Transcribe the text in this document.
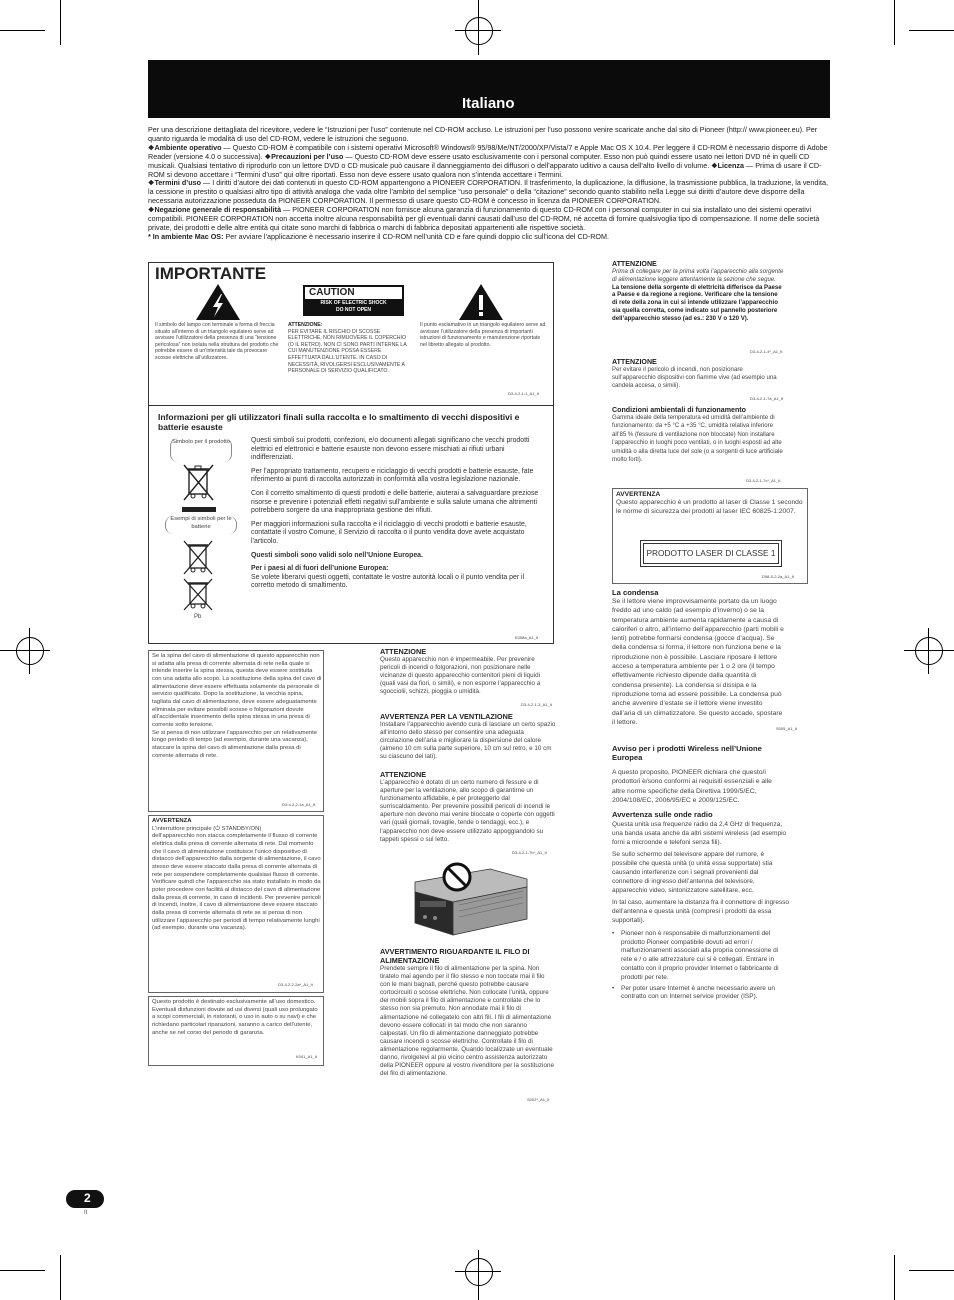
Italiano

Per una descrizione dettagliata del ricevitore, vedere le “Istruzioni per l’uso” contenute nel CD-ROM accluso. Le istruzioni per l’uso possono venire scaricate anche dal sito di Pioneer (http:// www.pioneer.eu). Per quanto riguarda le modalità di uso del CD-ROM, vedere le istruzioni che seguono.

❖Ambiente operativo — Questo CD-ROM è compatibile con i sistemi operativi Microsoft® Windows® 95/98/Me/NT/2000/XP/Vista/7 e Apple Mac OS X 10.4. Per leggere il CD-ROM è necessario disporre di Adobe Reader (versione 4.0 o successiva). ❖Precauzioni per l’uso — Questo CD-ROM deve essere usato esclusivamente con i personal computer. Esso non può quindi essere usato nei lettori DVD né in quelli CD musicali. Qualsiasi tentativo di riprodurlo con un lettore DVD o CD musicale può causare il danneggiamento dei diffusori o dell’apparato uditivo a causa dell’alto livello di volume. ❖Licenza — Prima di usare il CD-ROM si devono accettare i “Termini d’uso” qui oltre riportati. Esso non deve essere usato qualora non s’intenda accettare i Termini.

❖Termini d’uso — I diritti d’autore dei dati contenuti in questo CD-ROM appartengono a PIONEER CORPORATION. Il trasferimento, la duplicazione, la diffusione, la trasmissione pubblica, la traduzione, la vendita, la cessione in prestito o qualsiasi altro tipo di attività analoga che vada oltre l’ambito del semplice “uso personale” o della “citazione” secondo quanto stabilito nella Legge sui diritti d’autore deve disporre della necessaria autorizzazione posseduta da PIONEER CORPORATION. Il permesso di usare questo CD-ROM è concesso in licenza da PIONEER CORPORATION.

❖Negazione generale di responsabilità — PIONEER CORPORATION non fornisce alcuna garanzia di funzionamento di questo CD-ROM con i personal computer in cui sia installato uno dei sistemi operativi compatibili. PIONEER CORPORATION non accetta inoltre alcuna responsabilità per gli eventuali danni causati dall’uso del CD-ROM, né accetta di fornire qualsivoglia tipo di compensazione. Il nome delle società private, dei prodotti e delle altre entità qui citate sono marchi di fabbrica o marchi di fabbrica depositati appartenenti alle rispettive società.

* In ambiente Mac OS: Per avviare l’applicazione è necessario inserire il CD-ROM nell’unità CD e fare quindi doppio clic sull’icona del CD-ROM.

IMPORTANTE
CAUTION
RISK OF ELECTRIC SHOCK
DO NOT OPEN
Il simbolo del lampo con terminale a forma di freccia situato all’interno di un triangolo equilatero serve ad avvisare l’utilizzatore della presenza di una “tensione pericolosa” non isolata nella struttura del prodotto che potrebbe essere di un’intensità tale da provocare scosse elettriche all’utilizzatore.
ATTENZIONE:
PER EVITARE IL RISCHIO DI SCOSSE ELETTRICHE, NON RIMUOVERE IL COPERCHIO (O IL RETRO). NON CI SONO PARTI INTERNE LA CUI MANUTENZIONE POSSA ESSERE EFFETTUATA DALL’UTENTE. IN CASO DI NECESSITÀ, RIVOLGERSI ESCLUSIVAMENTE A PERSONALE DI SERVIZIO QUALIFICATO.
Il punto esclamativo in un triangolo equilatero serve ad avvisare l’utilizzatore della presenza di importanti istruzioni di funzionamento e manutenzione riportate nel libretto allegato al prodotto.
D3-4-2-1-1_A1_It
Informazioni per gli utilizzatori finali sulla raccolta e lo smaltimento di vecchi dispositivi e batterie esauste
Simbolo per il prodotto
Esempi di simboli per le batterie
Pb
Questi simboli sui prodotti, confezioni, e/o documenti allegati significano che vecchi prodotti elettrici ed elettronici e batterie esauste non devono essere mischiati ai rifiuti urbani indifferenziati.
Per l’appropriato trattamento, recupero e riciclaggio di vecchi prodotti e batterie esauste, fate riferimento ai punti di raccolta autorizzati in conformità alla vostra legislazione nazionale.
Con il corretto smaltimento di questi prodotti e delle batterie, aiuterai a salvaguardare preziose risorse e prevenire i potenziali effetti negativi sull’ambiente e sulla salute umana che altrimenti potrebbero sorgere da una inappropriata gestione dei rifiuti.
Per maggiori informazioni sulla raccolta e il riciclaggio di vecchi prodotti e batterie esauste, contattate il vostro Comune, il Servizio di raccolta o il punto vendita dove avete acquistato l’articolo.
Questi simboli sono validi solo nell’Unione Europea.
Per i paesi al di fuori dell’unione Europea:
Se volete liberarvi questi oggetti, contattate le vostre autorità locali o il punto vendita per il corretto metodo di smaltimento.
K058a_A1_It
Se la spina del cavo di alimentazione di questo apparecchio non si adatta alla presa di corrente alternata di rete nella quale si intende inserire la spina stessa, questa deve essere sostituita con una adatta allo scopo. La sostituzione della spina del cavo di alimentazione deve essere effettuata solamente da personale di servizio qualificato. Dopo la sostituzione, la vecchia spina, tagliata dal cavo di alimentazione, deve essere adeguatamente eliminata per evitare possibili scosse o folgorazioni dovute all’accidentale inserimento della spina stessa in una presa di corrente sotto tensione.
Se si pensa di non utilizzare l’apparecchio per un relativamente lungo periodo di tempo (ad esempio, durante una vacanza), staccare la spina del cavo di alimentazione dalla presa di corrente alternata di rete.
D3-4-2-2-1a_A1_It
AVVERTENZA
L’interruttore principale (⏻ STANDBY/ON)
dell’apparecchio non stacca completamente il flusso di corrente elettrica dalla presa di corrente alternata di rete. Dal momento che il cavo di alimentazione costituisce l’unico dispositivo di distacco dell’apparecchio dalla sorgente di alimentazione, il cavo stesso deve essere staccato dalla presa di corrente alternata di rete per sospendere completamente qualsiasi flusso di corrente. Verificare quindi che l’apparecchio sia stato installato in modo da poter procedere con facilità al distacco del cavo di alimentazione dalla presa di corrente, in caso di incidenti. Per prevenire pericoli di incendi, inoltre, il cavo di alimentazione deve essere staccato dalla presa di corrente alternata di rete se si pensa di non utilizzare l’apparecchio per periodi di tempo relativamente lunghi (ad esempio, durante una vacanza).
D3-4-2-2-2a*_A1_It
Questo prodotto è destinato esclusivamente all’uso domestico. Eventuali disfunzioni dovute ad usi diversi (quali uso prolungato a scopi commerciali, in ristoranti, o uso in auto o su navi) e che richiedano particolari riparazioni, saranno a carico dell’utente, anche se nel corso del periodo di garanzia.
K041_A1_It
ATTENZIONE
Questo apparecchio non è impermeabile. Per prevenire pericoli di incendi o folgorazioni, non posizionare nelle vicinanze di questo apparecchio contenitori pieni di liquidi (quali vasi da fiori, o simili), e non esporre l’apparecchio a sgocciolii, schizzi, pioggia o umidità.
D3-4-2-1-3_A1_It
AVVERTENZA PER LA VENTILAZIONE
Installare l’apparecchio avendo cura di lasciare un certo spazio all’intorno dello stesso per consentire una adeguata circolazione dell’aria e migliorare la dispersione del calore (almeno 10 cm sulla parte superiore, 10 cm sul retro, e 10 cm su ciascuno dei lati).
ATTENZIONE
L’apparecchio è dotato di un certo numero di fessure e di aperture per la ventilazione, allo scopo di garantirne un funzionamento affidabile, e per proteggerlo dal surriscaldamento. Per prevenire possibili pericoli di incendi le aperture non devono mai venire bloccate o coperte con oggetti vari (quali giornali, tovaglie, tende o tendaggi, ecc.), e l’apparecchio non deve essere utilizzato appoggiandolo su tappeti spessi o sul letto.
D3-4-2-1-7b*_A1_It
AVVERTIMENTO RIGUARDANTE IL FILO DI ALIMENTAZIONE
Prendete sempre il filo di alimentazione per la spina. Non tiratelo mai agendo per il filo stesso e non toccate mai il filo con le mani bagnati, perché questo potrebbe causare cortocircuiti o scosse elettriche. Non collocate l’unità, oppure dei mobili sopra il filo di alimentazione e controllate che lo stesso non sia premuto. Non annodate mai il filo di alimentazione né collegatelo con altri fili. I fili di alimentazione devono essere collocati in tal modo che non saranno calpestati. Un filo di alimentazione danneggiato potrebbe causare incendi o scosse elettriche. Controllate il filo di alimentazione regolarmente. Quando localizzate un eventuale danno, rivolgetevi al più vicino centro assistenza autorizzato della PIONEER oppure al vostro rivenditore per la sostituzione del filo di alimentazione.
S002*_A1_It
ATTENZIONE
Prima di collegare per la prima volta l’apparecchio alla sorgente di alimentazione leggere attentamente la sezione che segue.
La tensione della sorgente di elettricità differisce da Paese a Paese e da regione a regione. Verificare che la tensione di rete della zona in cui si intende utilizzare l’apparecchio sia quella corretta, come indicato sul pannello posteriore dell’apparecchio stesso (ad es.: 230 V o 120 V).
D3-4-2-1-4*_A1_It
ATTENZIONE
Per evitare il pericolo di incendi, non posizionare sull’apparecchio dispositivi con fiamme vive (ad esempio una candela accesa, o simili).
D3-4-2-1-7a_A1_It
Condizioni ambientali di funzionamento
Gamma ideale della temperatura ed umidità dell’ambiente di funzionamento: da +5 °C a +35 °C, umidità relativa inferiore all’85 % (fessure di ventilazione non bloccate) Non installare l’apparecchio in luoghi poco ventilati, o in luoghi esposti ad alte umidità o alla diretta luce del sole (o a sorgenti di luce artificiale molto forti).
D3-4-2-1-7c*_A1_It
AVVERTENZA
Questo apparecchio è un prodotto al laser di Classe 1 secondo le norme di sicurezza dei prodotti al laser IEC 60825-1:2007.
PRODOTTO LASER DI CLASSE 1
D58-5-2-2a_A1_It
La condensa
Se il lettore viene improvvisamente portato da un luogo freddo ad uno caldo (ad esempio d’inverno) o se la temperatura ambiente aumenta rapidamente a causa di caloriferi o altro, all’interno dell’apparecchio (parti mobili e lenti) potrebbe formarsi condensa (gocce d’acqua). Se della condensa si forma, il lettore non funziona bene e la riproduzione non è possibile. Lasciare riposare il lettore acceso a temperatura ambiente per 1 o 2 ore (il tempo effettivamente richiesto dipende dalla quantità di condensa presente). La condensa si dissipa e la riproduzione torna ad essere possibile. La condensa può anche avvenire d’estate se il lettore viene investito dall’aria di un climatizzatore. Se questo accade, spostare il lettore.
S005_A1_It
Avviso per i prodotti Wireless nell’Unione Europea
A questo proposito, PIONEER dichiara che questo/i prodotto/i è/sono conformi ai requisiti essenziali e alle altre norme specifiche della Direttiva 1999/5/EC, 2004/108/EC, 2006/95/EC e 2009/125/EC.
Avvertenza sulle onde radio
Questa unità usa frequenze radio da 2,4 GHz di frequenza, una banda usata anche da altri sistemi wireless (ad esempio forni a microonde e telefoni senza fili).
Se sullo schermo del televisore appare del rumore, è possibile che questa unità (o unità essa supportate) stia causando interferenze con i segnali provenienti dal connettore di ingresso dell’antenna del televisore, apparecchio video, sintonizzatore satellitare, ecc.
In tal caso, aumentare la distanza fra il connettore di ingresso dell’antenna e questa unità (compresi i prodotti da essa supportati).
• Pioneer non è responsabile di malfunzionamenti del prodotto Pioneer compatibile dovuti ad errori / malfunzionamenti associati alla propria connessione di rete e / o alle attrezzature cui si è collegati. Entrare in contatto con il proprio provider Internet o fabbricante di prodotti per rete.
• Per poter usare Internet è anche necessario avere un contratto con un Internet service provider (ISP).
2
It
